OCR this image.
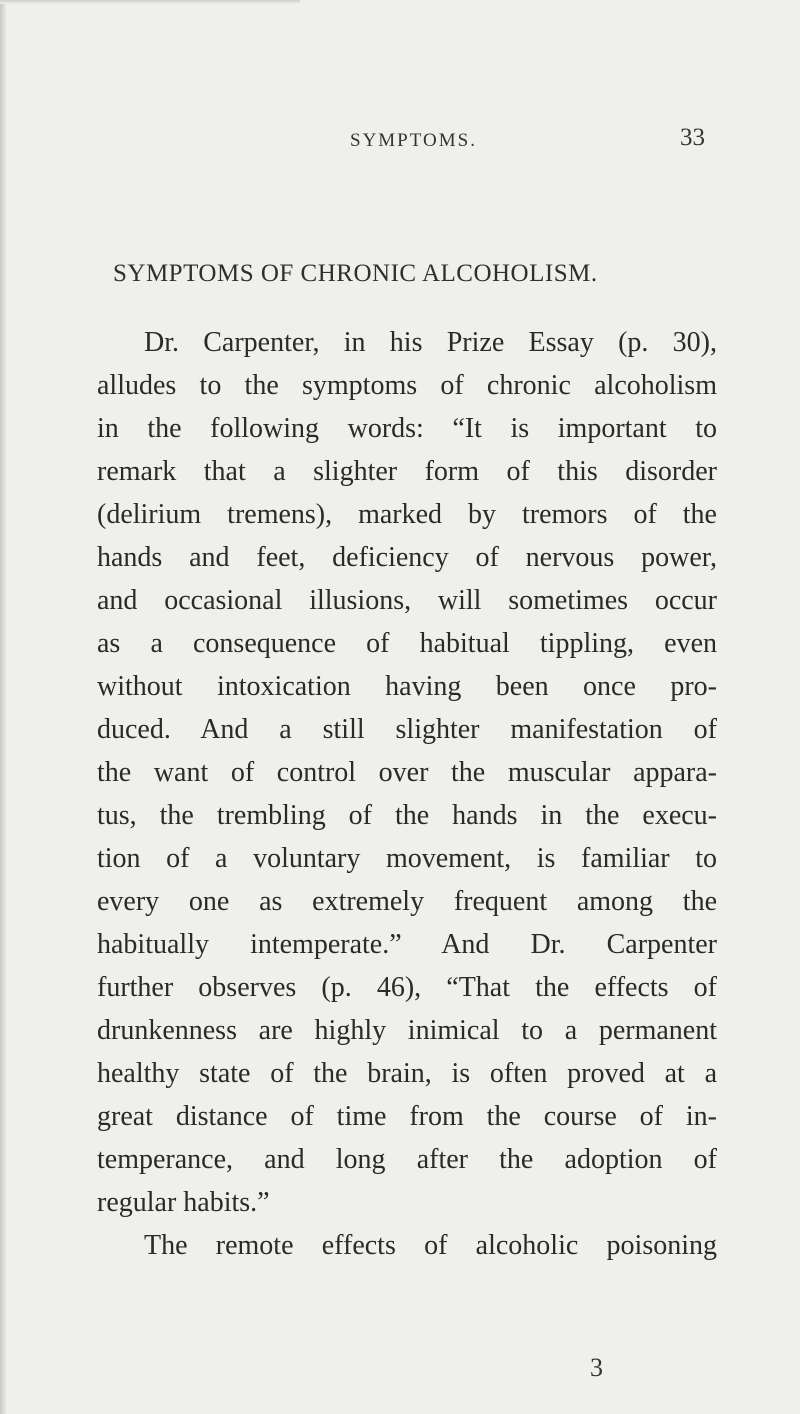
SYMPTOMS.	33
SYMPTOMS OF CHRONIC ALCOHOLISM.
Dr. Carpenter, in his Prize Essay (p. 30),
alludes to the symptoms of chronic alcoholism
in the following words: “It is important to
remark that a slighter form of this disorder
(delirium tremens), marked by tremors of the
hands and feet, deficiency of nervous power,
and occasional illusions, will sometimes occur
as a consequence of habitual tippling, even
without intoxication having been once pro-
duced. And a still slighter manifestation of
the want of control over the muscular appara-
tus, the trembling of the hands in the execu-
tion of a voluntary movement, is familiar to
every one as extremely frequent among the
habitually intemperate.” And Dr. Carpenter
further observes (p. 46), “That the effects of
drunkenness are highly inimical to a permanent
healthy state of the brain, is often proved at a
great distance of time from the course of in-
temperance, and long after the adoption of
regular habits.”
The remote effects of alcoholic poisoning
3
